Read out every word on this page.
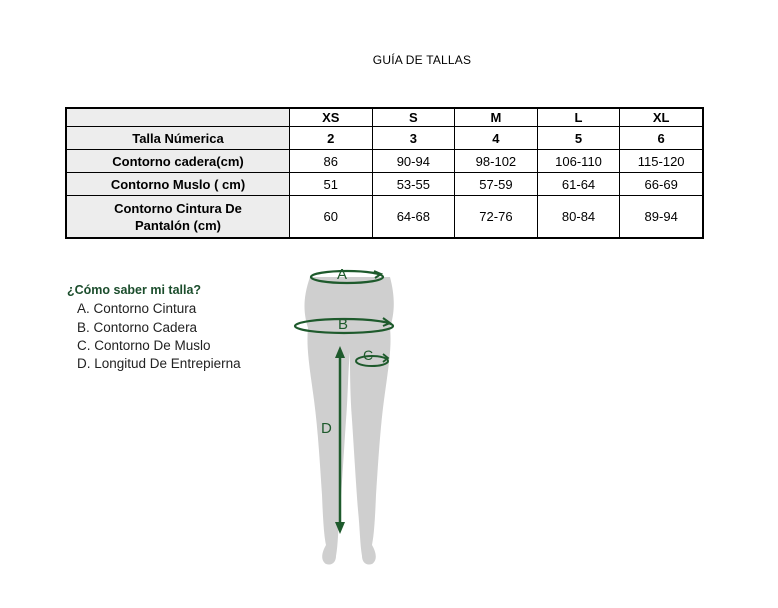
GUÍA DE TALLAS
	XS	S	M	L	XL
Talla Númerica	2	3	4	5	6
Contorno cadera(cm)	86	90-94	98-102	106-110	115-120
Contorno Muslo ( cm)	51	53-55	57-59	61-64	66-69
Contorno Cintura De
Pantalón (cm)	60	64-68	72-76	80-84	89-94
¿Cómo saber mi talla?
A. Contorno Cintura
B. Contorno Cadera
C. Contorno De Muslo
D. Longitud De Entrepierna
A
B
C
D
